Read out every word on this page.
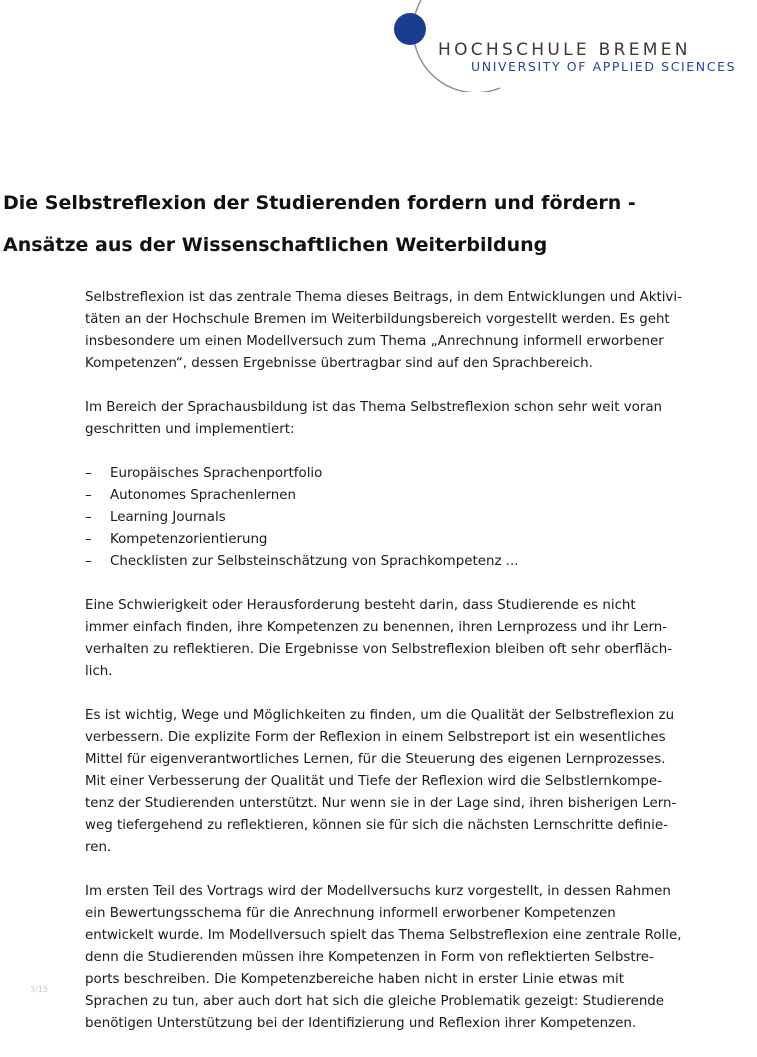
HOCHSCHULE BREMEN
UNIVERSITY OF APPLIED SCIENCES
Die Selbstreflexion der Studierenden fordern und fördern -
Ansätze aus der Wissenschaftlichen Weiterbildung

Selbstreflexion ist das zentrale Thema dieses Beitrags, in dem Entwicklungen und Aktivi-
täten an der Hochschule Bremen im Weiterbildungsbereich vorgestellt werden. Es geht
insbesondere um einen Modellversuch zum Thema „Anrechnung informell erworbener
Kompetenzen“, dessen Ergebnisse übertragbar sind auf den Sprachbereich.

Im Bereich der Sprachausbildung ist das Thema Selbstreflexion schon sehr weit voran
geschritten und implementiert:

–	Europäisches Sprachenportfolio
–	Autonomes Sprachenlernen
–	Learning Journals
–	Kompetenzorientierung
–	Checklisten zur Selbsteinschätzung von Sprachkompetenz ...

Eine Schwierigkeit oder Herausforderung besteht darin, dass Studierende es nicht
immer einfach finden, ihre Kompetenzen zu benennen, ihren Lernprozess und ihr Lern-
verhalten zu reflektieren. Die Ergebnisse von Selbstreflexion bleiben oft sehr oberfläch-
lich.

Es ist wichtig, Wege und Möglichkeiten zu finden, um die Qualität der Selbstreflexion zu
verbessern. Die explizite Form der Reflexion in einem Selbstreport ist ein wesentliches
Mittel für eigenverantwortliches Lernen, für die Steuerung des eigenen Lernprozesses.
Mit einer Verbesserung der Qualität und Tiefe der Reflexion wird die Selbstlernkompe-
tenz der Studierenden unterstützt. Nur wenn sie in der Lage sind, ihren bisherigen Lern-
weg tiefergehend zu reflektieren, können sie für sich die nächsten Lernschritte definie-
ren.

Im ersten Teil des Vortrags wird der Modellversuchs kurz vorgestellt, in dessen Rahmen
ein Bewertungsschema für die Anrechnung informell erworbener Kompetenzen
entwickelt wurde. Im Modellversuch spielt das Thema Selbstreflexion eine zentrale Rolle,
denn die Studierenden müssen ihre Kompetenzen in Form von reflektierten Selbstre-
ports beschreiben. Die Kompetenzbereiche haben nicht in erster Linie etwas mit
Sprachen zu tun, aber auch dort hat sich die gleiche Problematik gezeigt: Studierende
benötigen Unterstützung bei der Identifizierung und Reflexion ihrer Kompetenzen.

3/15
